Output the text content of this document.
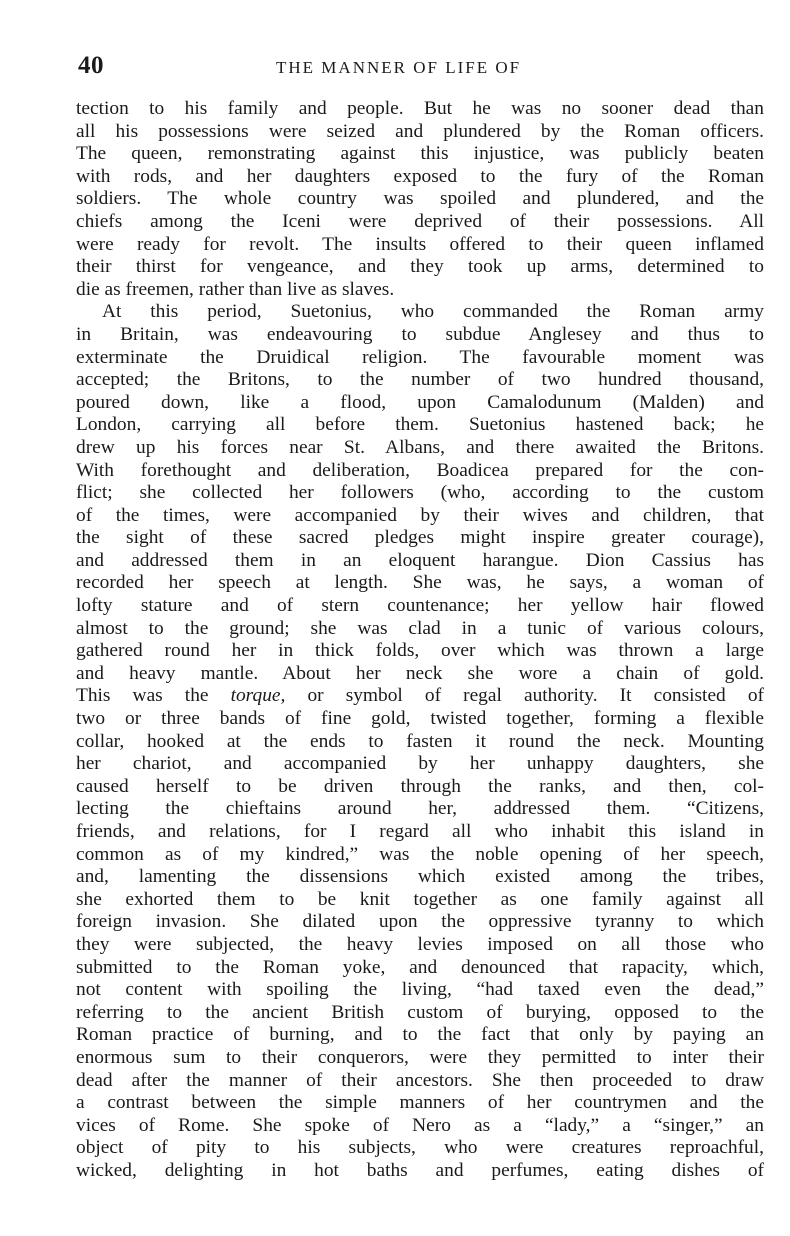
40	THE MANNER OF LIFE OF
tection to his family and people. But he was no sooner dead than
all his possessions were seized and plundered by the Roman officers.
The queen, remonstrating against this injustice, was publicly beaten
with rods, and her daughters exposed to the fury of the Roman
soldiers. The whole country was spoiled and plundered, and the
chiefs among the Iceni were deprived of their possessions. All
were ready for revolt. The insults offered to their queen inflamed
their thirst for vengeance, and they took up arms, determined to
die as freemen, rather than live as slaves.
At this period, Suetonius, who commanded the Roman army
in Britain, was endeavouring to subdue Anglesey and thus to
exterminate the Druidical religion. The favourable moment was
accepted; the Britons, to the number of two hundred thousand,
poured down, like a flood, upon Camalodunum (Malden) and
London, carrying all before them. Suetonius hastened back; he
drew up his forces near St. Albans, and there awaited the Britons.
With forethought and deliberation, Boadicea prepared for the con-
flict; she collected her followers (who, according to the custom
of the times, were accompanied by their wives and children, that
the sight of these sacred pledges might inspire greater courage),
and addressed them in an eloquent harangue. Dion Cassius has
recorded her speech at length. She was, he says, a woman of
lofty stature and of stern countenance; her yellow hair flowed
almost to the ground; she was clad in a tunic of various colours,
gathered round her in thick folds, over which was thrown a large
and heavy mantle. About her neck she wore a chain of gold.
This was the torque, or symbol of regal authority. It consisted of
two or three bands of fine gold, twisted together, forming a flexible
collar, hooked at the ends to fasten it round the neck. Mounting
her chariot, and accompanied by her unhappy daughters, she
caused herself to be driven through the ranks, and then, col-
lecting the chieftains around her, addressed them. “Citizens,
friends, and relations, for I regard all who inhabit this island in
common as of my kindred,” was the noble opening of her speech,
and, lamenting the dissensions which existed among the tribes,
she exhorted them to be knit together as one family against all
foreign invasion. She dilated upon the oppressive tyranny to which
they were subjected, the heavy levies imposed on all those who
submitted to the Roman yoke, and denounced that rapacity, which,
not content with spoiling the living, “had taxed even the dead,”
referring to the ancient British custom of burying, opposed to the
Roman practice of burning, and to the fact that only by paying an
enormous sum to their conquerors, were they permitted to inter their
dead after the manner of their ancestors. She then proceeded to draw
a contrast between the simple manners of her countrymen and the
vices of Rome. She spoke of Nero as a “lady,” a “singer,” an
object of pity to his subjects, who were creatures reproachful,
wicked, delighting in hot baths and perfumes, eating dishes of
